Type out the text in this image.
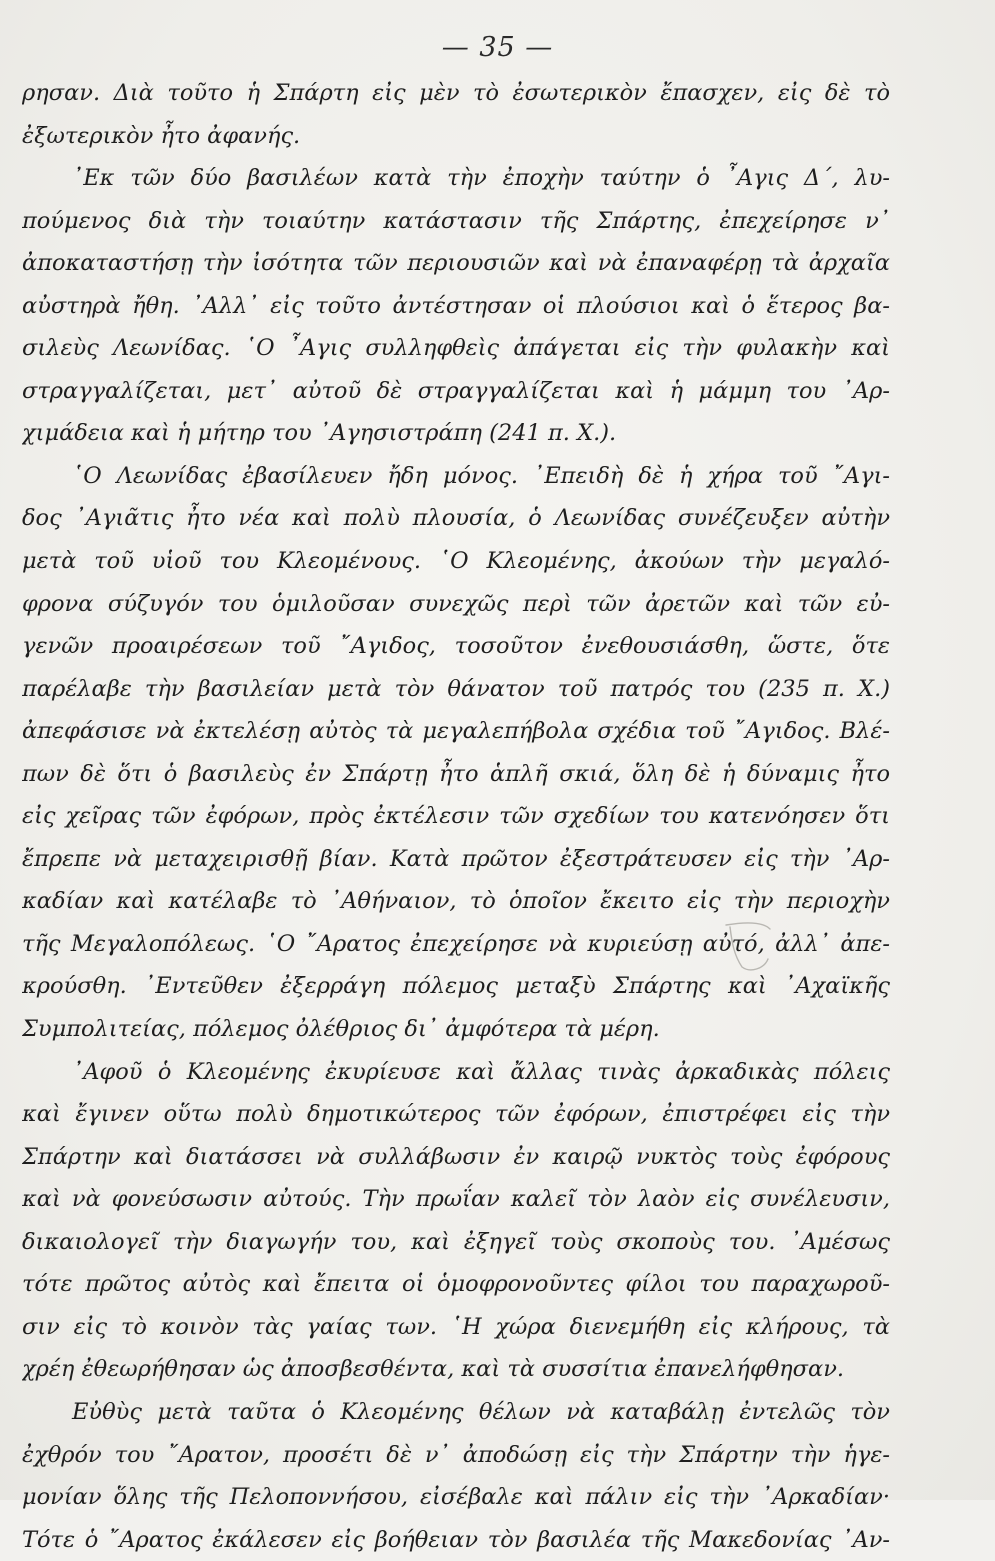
— 35 —
ρησαν. Διὰ τοῦτο ἡ Σπάρτη εἰς μὲν τὸ ἐσωτερικὸν ἔπασχεν, εἰς δὲ τὸ
ἐξωτερικὸν ἦτο ἀφανής.
᾿Εκ τῶν δύο βασιλέων κατὰ τὴν ἐποχὴν ταύτην ὁ ῏Αγις Δ΄, λυ-
πούμενος διὰ τὴν τοιαύτην κατάστασιν τῆς Σπάρτης, ἐπεχείρησε ν᾿
ἀποκαταστήσῃ τὴν ἰσότητα τῶν περιουσιῶν καὶ νὰ ἐπαναφέρῃ τὰ ἀρχαῖα
αὐστηρὰ ἤθη. ᾿Αλλ᾿ εἰς τοῦτο ἀντέστησαν οἱ πλούσιοι καὶ ὁ ἕτερος βα-
σιλεὺς Λεωνίδας. ῾Ο ῏Αγις συλληφθεὶς ἀπάγεται εἰς τὴν φυλακὴν καὶ
στραγγαλίζεται, μετ᾿ αὐτοῦ δὲ στραγγαλίζεται καὶ ἡ μάμμη του ᾿Αρ-
χιμάδεια καὶ ἡ μήτηρ του ᾿Αγησιστράπη (241 π. Χ.).
῾Ο Λεωνίδας ἐβασίλευεν ἤδη μόνος. ᾿Επειδὴ δὲ ἡ χήρα τοῦ ῎Αγι-
δος ᾿Αγιᾶτις ἦτο νέα καὶ πολὺ πλουσία, ὁ Λεωνίδας συνέζευξεν αὐτὴν
μετὰ τοῦ υἱοῦ του Κλεομένους. ῾Ο Κλεομένης, ἀκούων τὴν μεγαλό-
φρονα σύζυγόν του ὁμιλοῦσαν συνεχῶς περὶ τῶν ἀρετῶν καὶ τῶν εὐ-
γενῶν προαιρέσεων τοῦ ῎Αγιδος, τοσοῦτον ἐνεθουσιάσθη, ὥστε, ὅτε
παρέλαβε τὴν βασιλείαν μετὰ τὸν θάνατον τοῦ πατρός του (235 π. Χ.)
ἀπεφάσισε νὰ ἐκτελέσῃ αὐτὸς τὰ μεγαλεπήβολα σχέδια τοῦ ῎Αγιδος. Βλέ-
πων δὲ ὅτι ὁ βασιλεὺς ἐν Σπάρτῃ ἦτο ἁπλῆ σκιά, ὅλη δὲ ἡ δύναμις ἦτο
εἰς χεῖρας τῶν ἐφόρων, πρὸς ἐκτέλεσιν τῶν σχεδίων του κατενόησεν ὅτι
ἔπρεπε νὰ μεταχειρισθῇ βίαν. Κατὰ πρῶτον ἐξεστράτευσεν εἰς τὴν ᾿Αρ-
καδίαν καὶ κατέλαβε τὸ ᾿Αθήναιον, τὸ ὁποῖον ἔκειτο εἰς τὴν περιοχὴν
τῆς Μεγαλοπόλεως. ῾Ο ῎Αρατος ἐπεχείρησε νὰ κυριεύσῃ αὐτό, ἀλλ᾿ ἀπε-
κρούσθη. ᾿Εντεῦθεν ἐξερράγη πόλεμος μεταξὺ Σπάρτης καὶ ᾿Αχαϊκῆς
Συμπολιτείας, πόλεμος ὀλέθριος δι᾿ ἀμφότερα τὰ μέρη.
᾿Αφοῦ ὁ Κλεομένης ἐκυρίευσε καὶ ἄλλας τινὰς ἀρκαδικὰς πόλεις
καὶ ἔγινεν οὕτω πολὺ δημοτικώτερος τῶν ἐφόρων, ἐπιστρέφει εἰς τὴν
Σπάρτην καὶ διατάσσει νὰ συλλάβωσιν ἐν καιρῷ νυκτὸς τοὺς ἐφόρους
καὶ νὰ φονεύσωσιν αὐτούς. Τὴν πρωΐαν καλεῖ τὸν λαὸν εἰς συνέλευσιν,
δικαιολογεῖ τὴν διαγωγήν του, καὶ ἐξηγεῖ τοὺς σκοποὺς του. ᾿Αμέσως
τότε πρῶτος αὐτὸς καὶ ἔπειτα οἱ ὁμοφρονοῦντες φίλοι του παραχωροῦ-
σιν εἰς τὸ κοινὸν τὰς γαίας των. ῾Η χώρα διενεμήθη εἰς κλήρους, τὰ
χρέη ἐθεωρήθησαν ὡς ἀποσβεσθέντα, καὶ τὰ συσσίτια ἐπανελήφθησαν.
Εὐθὺς μετὰ ταῦτα ὁ Κλεομένης θέλων νὰ καταβάλῃ ἐντελῶς τὸν
ἐχθρόν του ῎Αρατον, προσέτι δὲ ν᾿ ἀποδώσῃ εἰς τὴν Σπάρτην τὴν ἡγε-
μονίαν ὅλης τῆς Πελοποννήσου, εἰσέβαλε καὶ πάλιν εἰς τὴν ᾿Αρκαδίαν·
Τότε ὁ ῎Αρατος ἐκάλεσεν εἰς βοήθειαν τὸν βασιλέα τῆς Μακεδονίας ᾿Αν-
